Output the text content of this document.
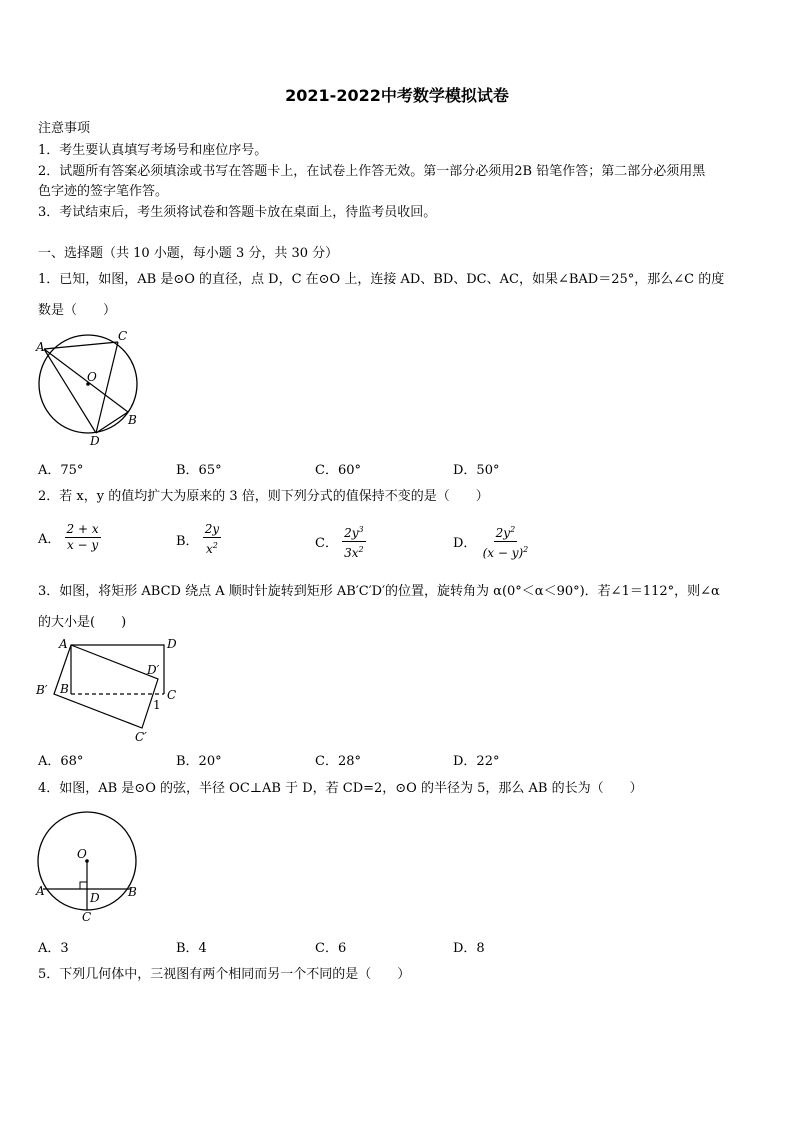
2021-2022中考数学模拟试卷
注意事项
1．考生要认真填写考场号和座位序号。
2．试题所有答案必须填涂或书写在答题卡上，在试卷上作答无效。第一部分必须用2B 铅笔作答；第二部分必须用黑
色字迹的签字笔作答。
3．考试结束后，考生须将试卷和答题卡放在桌面上，待监考员收回。
一、选择题（共 10 小题，每小题 3 分，共 30 分）
1．已知，如图，AB 是⊙O 的直径，点 D，C 在⊙O 上，连接 AD、BD、DC、AC，如果∠BAD＝25°，那么∠C 的度
数是（　　）
A
C
O
B
D
A．75°	B．65°	C．60°	D．50°
2．若 x，y 的值均扩大为原来的 3 倍，则下列分式的值保持不变的是（　　）
A． $\frac{2 + x}{x - y}$	B． $\frac{2y}{x^2}$	C． $\frac{2y^3}{3x^2}$	D． $\frac{2y^2}{(x - y)^2}$
3．如图，将矩形 ABCD 绕点 A 顺时针旋转到矩形 AB′C′D′的位置，旋转角为 α(0°＜α＜90°)．若∠1＝112°，则∠α
的大小是(　　)
A	D
D′
B′ B	C
1
C′
A．68°	B．20°	C．28°	D．22°
4．如图，AB 是⊙O 的弦，半径 OC⊥AB 于 D，若 CD=2，⊙O 的半径为 5，那么 AB 的长为（　　）
O
A	D B
C
A．3	B．4	C．6	D．8
5．下列几何体中，三视图有两个相同而另一个不同的是（　　）
